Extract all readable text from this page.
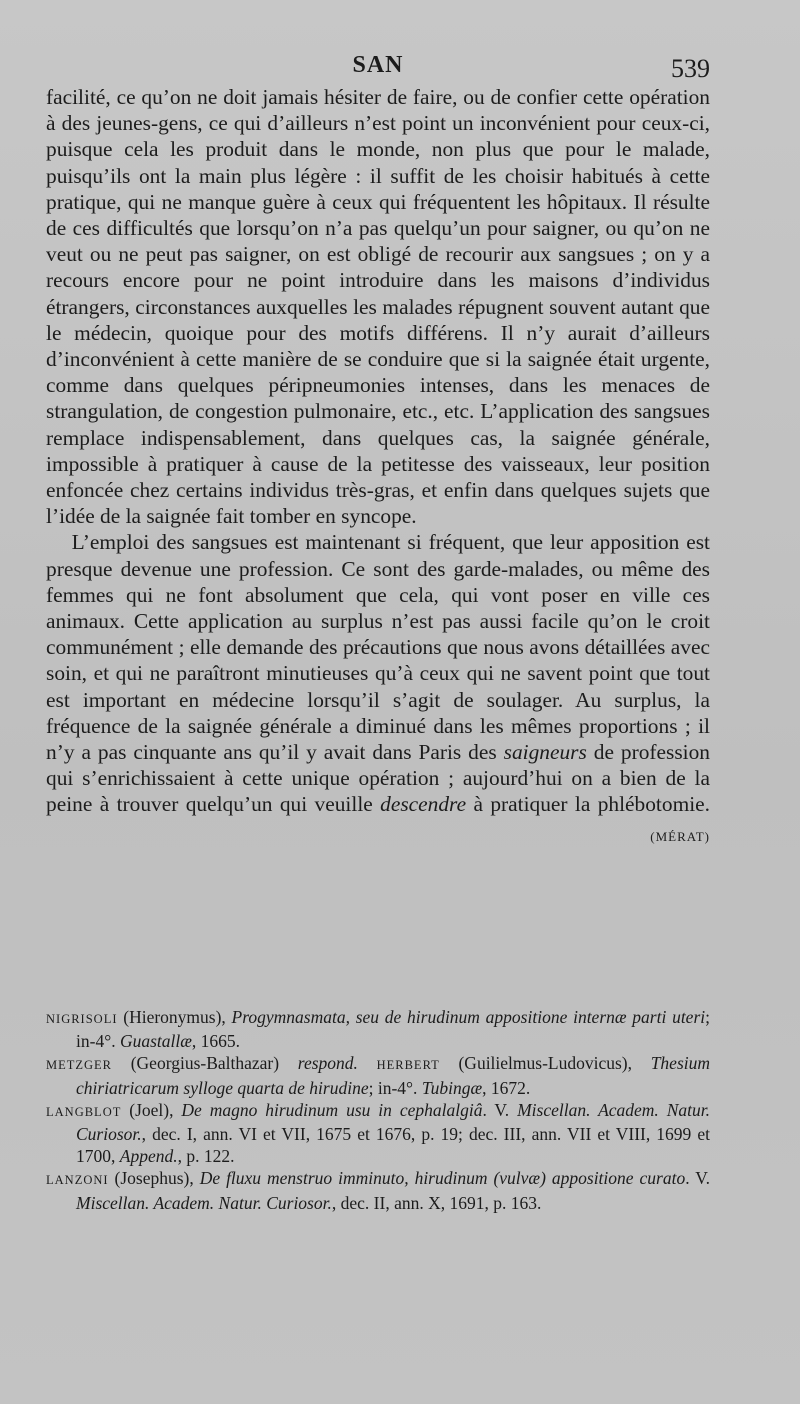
SAN	539

facilité, ce qu’on ne doit jamais hésiter de faire, ou de confier cette opération à des jeunes-gens, ce qui d’ailleurs n’est point un inconvénient pour ceux-ci, puisque cela les produit dans le monde, non plus que pour le malade, puisqu’ils ont la main plus légère : il suffit de les choisir habitués à cette pratique, qui ne manque guère à ceux qui fréquentent les hôpitaux. Il résulte de ces difficultés que lorsqu’on n’a pas quelqu’un pour saigner, ou qu’on ne veut ou ne peut pas saigner, on est obligé de recourir aux sangsues ; on y a recours encore pour ne point introduire dans les maisons d’individus étrangers, circonstances auxquelles les malades répugnent souvent autant que le médecin, quoique pour des motifs différens. Il n’y aurait d’ailleurs d’inconvénient à cette manière de se conduire que si la saignée était urgente, comme dans quelques péripneumonies intenses, dans les menaces de strangulation, de congestion pulmonaire, etc., etc. L’application des sangsues remplace indispensablement, dans quelques cas, la saignée générale, impossible à pratiquer à cause de la petitesse des vaisseaux, leur position enfoncée chez certains individus très-gras, et enfin dans quelques sujets que l’idée de la saignée fait tomber en syncope.

L’emploi des sangsues est maintenant si fréquent, que leur apposition est presque devenue une profession. Ce sont des garde-malades, ou même des femmes qui ne font absolument que cela, qui vont poser en ville ces animaux. Cette application au surplus n’est pas aussi facile qu’on le croit communément ; elle demande des précautions que nous avons détaillées avec soin, et qui ne paraîtront minutieuses qu’à ceux qui ne savent point que tout est important en médecine lorsqu’il s’agit de soulager. Au surplus, la fréquence de la saignée générale a diminué dans les mêmes proportions ; il n’y a pas cinquante ans qu’il y avait dans Paris des saigneurs de profession qui s’enrichissaient à cette unique opération ; aujourd’hui on a bien de la peine à trouver quelqu’un qui veuille descendre à pratiquer la phlébotomie.
(MÉRAT)

NIGRISOLI (Hieronymus), Progymnasmata, seu de hirudinum appositione internæ parti uteri; in-4°. Guastallæ, 1665.

METZGER (Georgius-Balthazar) respond. HERBERT (Guilielmus-Ludovicus), Thesium chiriatricarum sylloge quarta de hirudine; in-4°. Tubingæ, 1672.

LANGBLOT (Joel), De magno hirudinum usu in cephalalgiâ. V. Miscellan. Academ. Natur. Curiosor., dec. I, ann. VI et VII, 1675 et 1676, p. 19; dec. III, ann. VII et VIII, 1699 et 1700, Append., p. 122.

LANZONI (Josephus), De fluxu menstruo imminuto, hirudinum (vulvæ) appositione curato. V. Miscellan. Academ. Natur. Curiosor., dec. II, ann. X, 1691, p. 163.
